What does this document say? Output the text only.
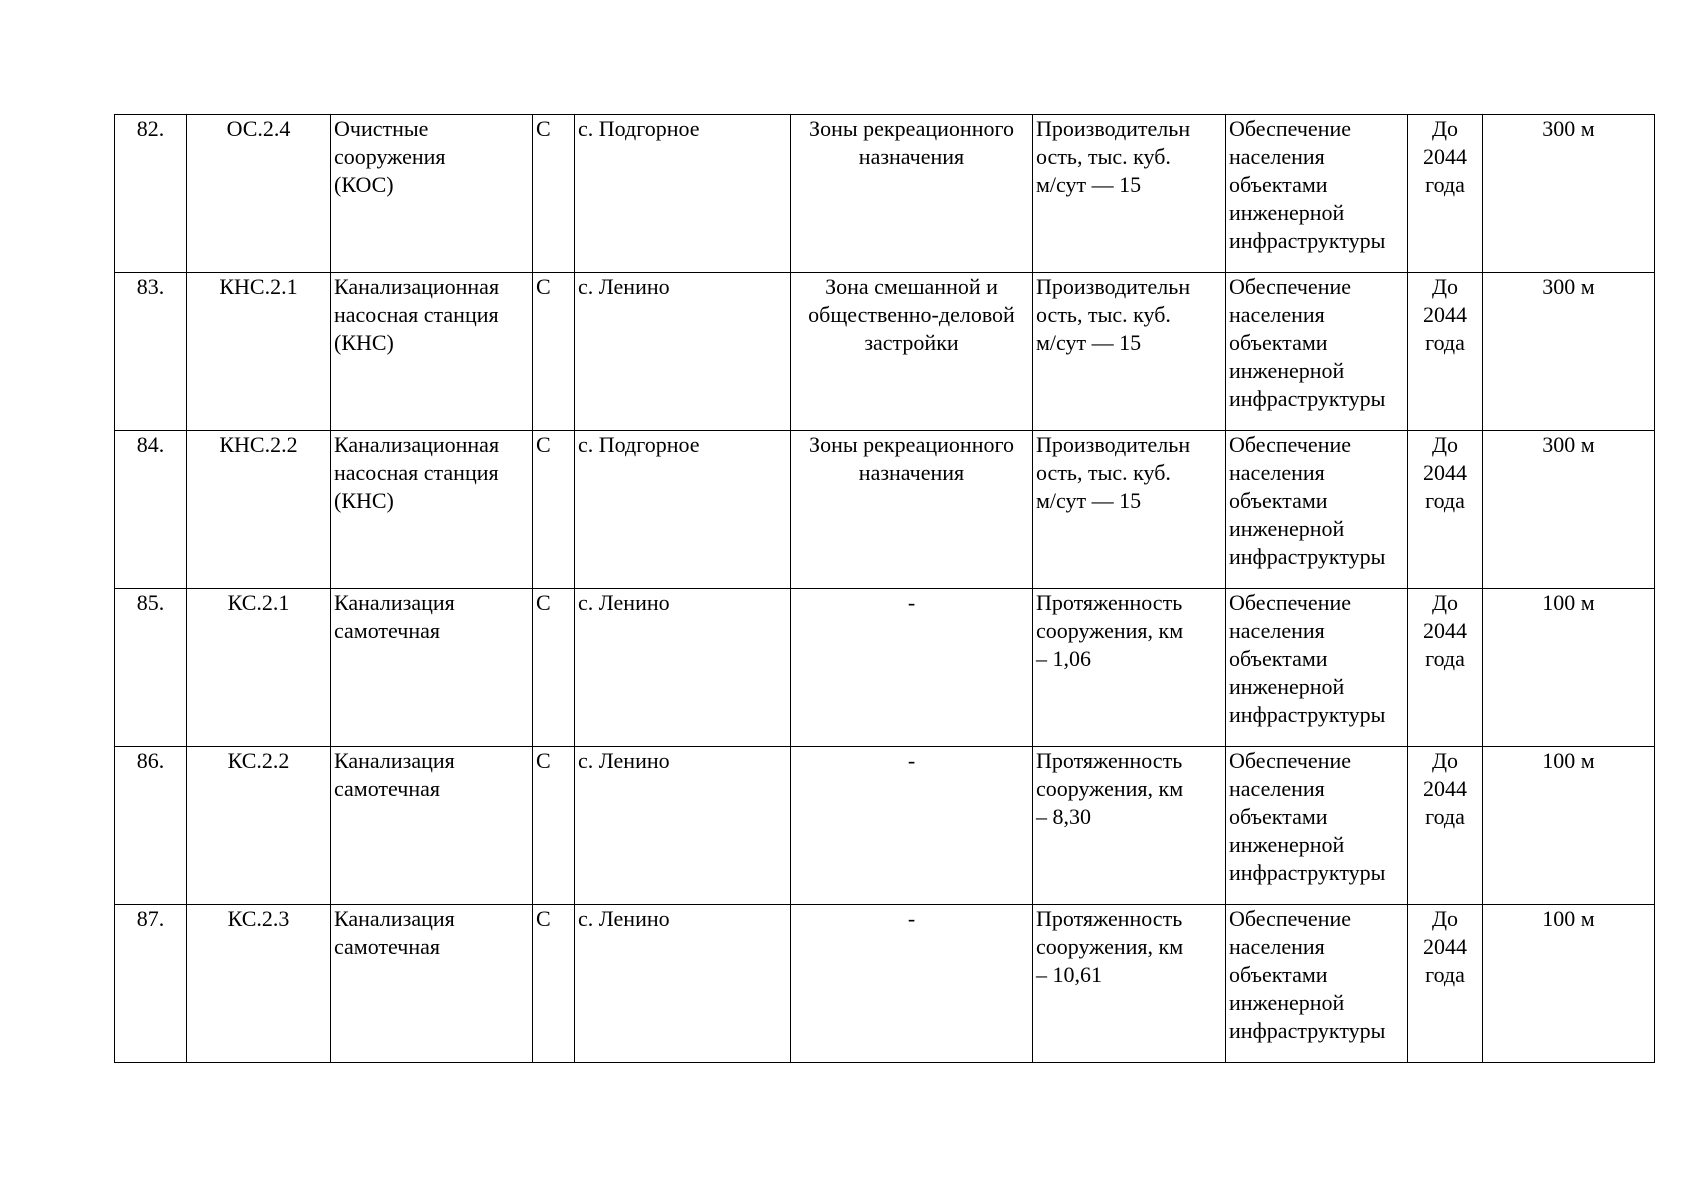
82.	ОС.2.4	Очистные
сооружения
(КОС)	С	с. Подгорное	Зоны рекреационного
назначения	Производительн
ость, тыс. куб.
м/сут — 15	Обеспечение
населения
объектами
инженерной
инфраструктуры	До
2044
года	300 м

83.	КНС.2.1	Канализационная
насосная станция
(КНС)	С	с. Ленино	Зона смешанной и
общественно-деловой
застройки	Производительн
ость, тыс. куб.
м/сут — 15	Обеспечение
населения
объектами
инженерной
инфраструктуры	До
2044
года	300 м

84.	КНС.2.2	Канализационная
насосная станция
(КНС)	С	с. Подгорное	Зоны рекреационного
назначения	Производительн
ость, тыс. куб.
м/сут — 15	Обеспечение
населения
объектами
инженерной
инфраструктуры	До
2044
года	300 м

85.	КС.2.1	Канализация
самотечная	С	с. Ленино	-	Протяженность
сооружения, км
– 1,06	Обеспечение
населения
объектами
инженерной
инфраструктуры	До
2044
года	100 м

86.	КС.2.2	Канализация
самотечная	С	с. Ленино	-	Протяженность
сооружения, км
– 8,30	Обеспечение
населения
объектами
инженерной
инфраструктуры	До
2044
года	100 м

87.	КС.2.3	Канализация
самотечная	С	с. Ленино	-	Протяженность
сооружения, км
– 10,61	Обеспечение
населения
объектами
инженерной
инфраструктуры	До
2044
года	100 м
